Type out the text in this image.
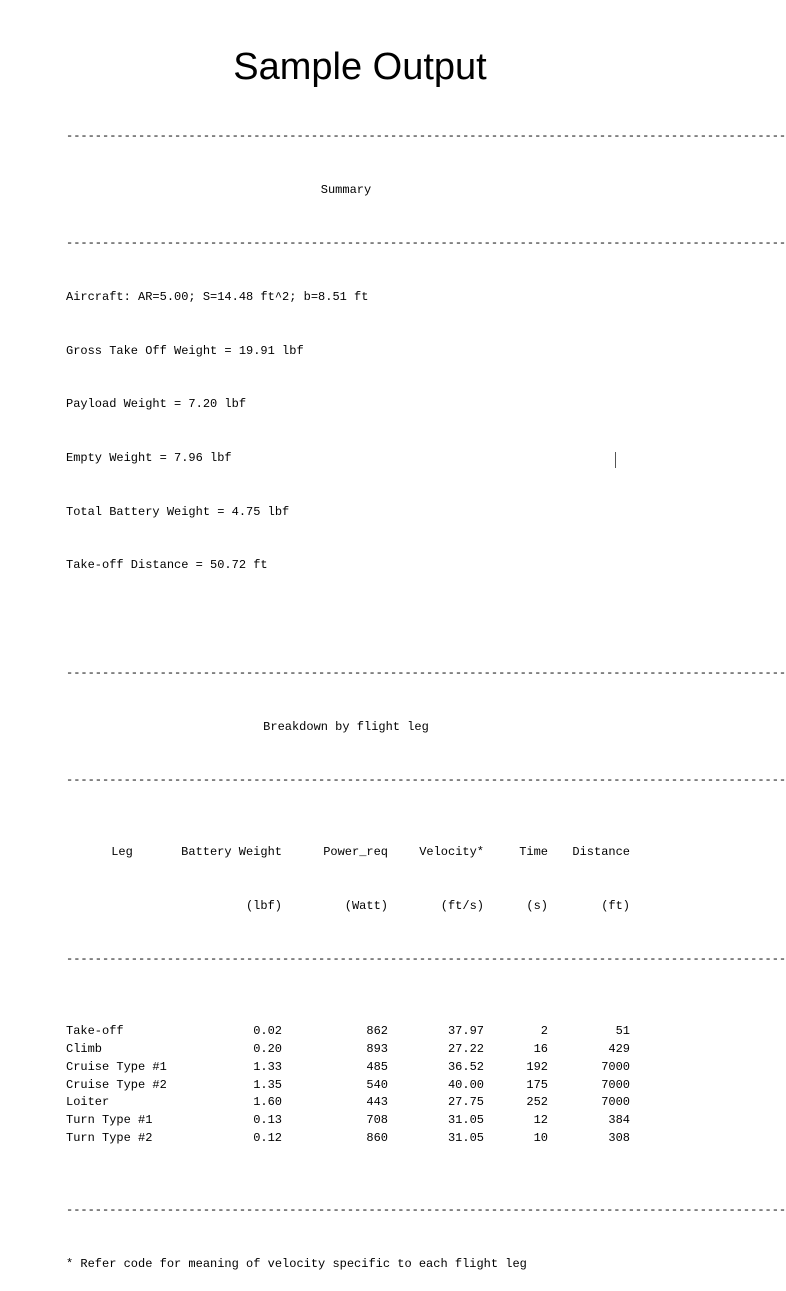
Sample Output

----------------------------------------------------------------------------------------------------

Summary

----------------------------------------------------------------------------------------------------

Aircraft: AR=5.00; S=14.48 ft^2; b=8.51 ft

Gross Take Off Weight = 19.91 lbf

Payload Weight = 7.20 lbf

Empty Weight = 7.96 lbf

Total Battery Weight = 4.75 lbf

Take-off Distance = 50.72 ft

----------------------------------------------------------------------------------------------------

Breakdown by flight leg

----------------------------------------------------------------------------------------------------

Leg	Battery Weight	Power_req	Velocity*	Time	Distance

(lbf)	(Watt)	(ft/s)	(s)	(ft)

----------------------------------------------------------------------------------------------------

Take-off	0.02	862	37.97	2	51
Climb	0.20	893	27.22	16	429
Cruise Type #1	1.33	485	36.52	192	7000
Cruise Type #2	1.35	540	40.00	175	7000
Loiter	1.60	443	27.75	252	7000
Turn Type #1	0.13	708	31.05	12	384
Turn Type #2	0.12	860	31.05	10	308

----------------------------------------------------------------------------------------------------

* Refer code for meaning of velocity specific to each flight leg
